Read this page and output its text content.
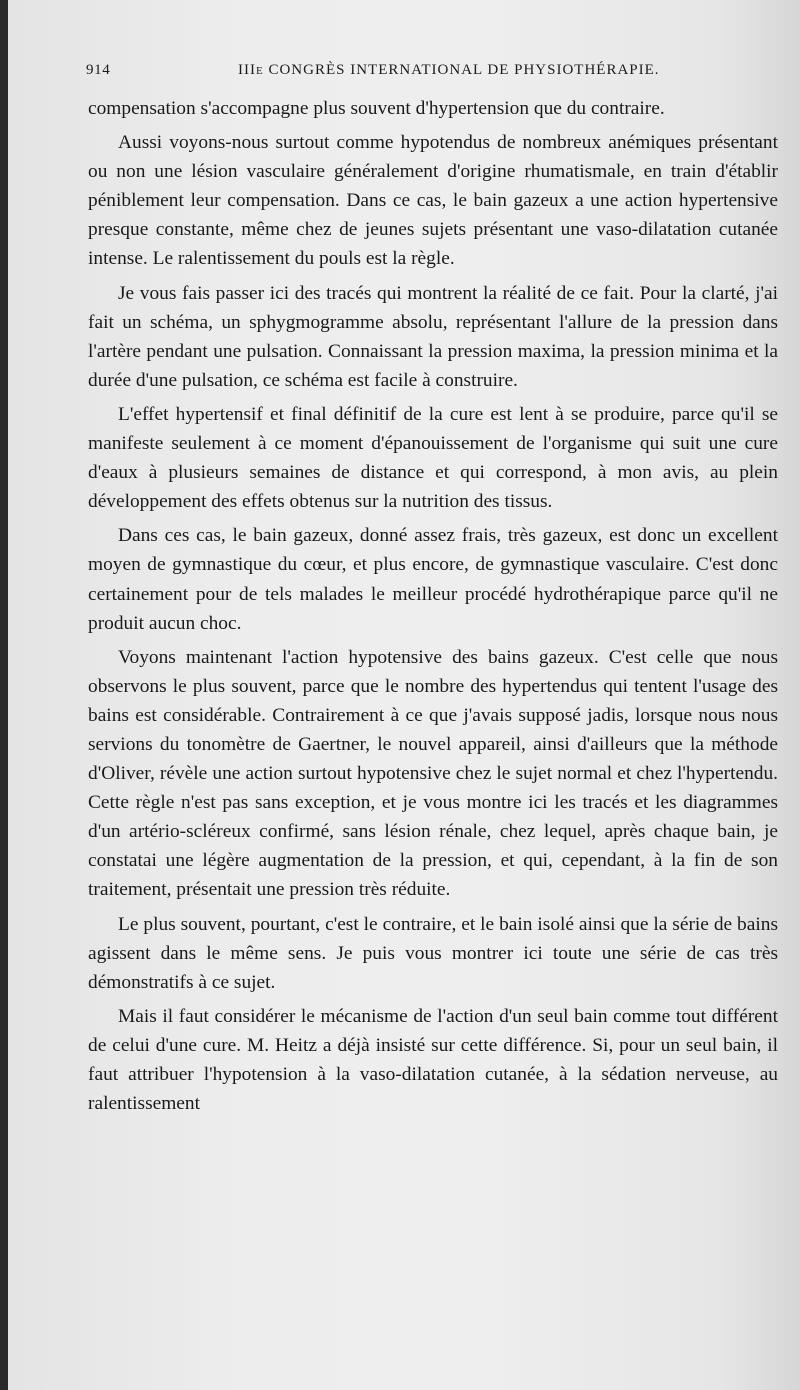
914	IIIe CONGRÈS INTERNATIONAL DE PHYSIOTHÉRAPIE.

compensation s'accompagne plus souvent d'hypertension que du contraire.

Aussi voyons-nous surtout comme hypotendus de nombreux anémiques présentant ou non une lésion vasculaire généralement d'origine rhumatismale, en train d'établir péniblement leur compensation. Dans ce cas, le bain gazeux a une action hypertensive presque constante, même chez de jeunes sujets présentant une vaso-dilatation cutanée intense. Le ralentissement du pouls est la règle.

Je vous fais passer ici des tracés qui montrent la réalité de ce fait. Pour la clarté, j'ai fait un schéma, un sphygmogramme absolu, représentant l'allure de la pression dans l'artère pendant une pulsation. Connaissant la pression maxima, la pression minima et la durée d'une pulsation, ce schéma est facile à construire.

L'effet hypertensif et final définitif de la cure est lent à se produire, parce qu'il se manifeste seulement à ce moment d'épanouissement de l'organisme qui suit une cure d'eaux à plusieurs semaines de distance et qui correspond, à mon avis, au plein développement des effets obtenus sur la nutrition des tissus.

Dans ces cas, le bain gazeux, donné assez frais, très gazeux, est donc un excellent moyen de gymnastique du cœur, et plus encore, de gymnastique vasculaire. C'est donc certainement pour de tels malades le meilleur procédé hydrothérapique parce qu'il ne produit aucun choc.

Voyons maintenant l'action hypotensive des bains gazeux. C'est celle que nous observons le plus souvent, parce que le nombre des hypertendus qui tentent l'usage des bains est considérable. Contrairement à ce que j'avais supposé jadis, lorsque nous nous servions du tonomètre de Gaertner, le nouvel appareil, ainsi d'ailleurs que la méthode d'Oliver, révèle une action surtout hypotensive chez le sujet normal et chez l'hypertendu. Cette règle n'est pas sans exception, et je vous montre ici les tracés et les diagrammes d'un artério-scléreux confirmé, sans lésion rénale, chez lequel, après chaque bain, je constatai une légère augmentation de la pression, et qui, cependant, à la fin de son traitement, présentait une pression très réduite.

Le plus souvent, pourtant, c'est le contraire, et le bain isolé ainsi que la série de bains agissent dans le même sens. Je puis vous montrer ici toute une série de cas très démonstratifs à ce sujet.

Mais il faut considérer le mécanisme de l'action d'un seul bain comme tout différent de celui d'une cure. M. Heitz a déjà insisté sur cette différence. Si, pour un seul bain, il faut attribuer l'hypotension à la vaso-dilatation cutanée, à la sédation nerveuse, au ralentissement
